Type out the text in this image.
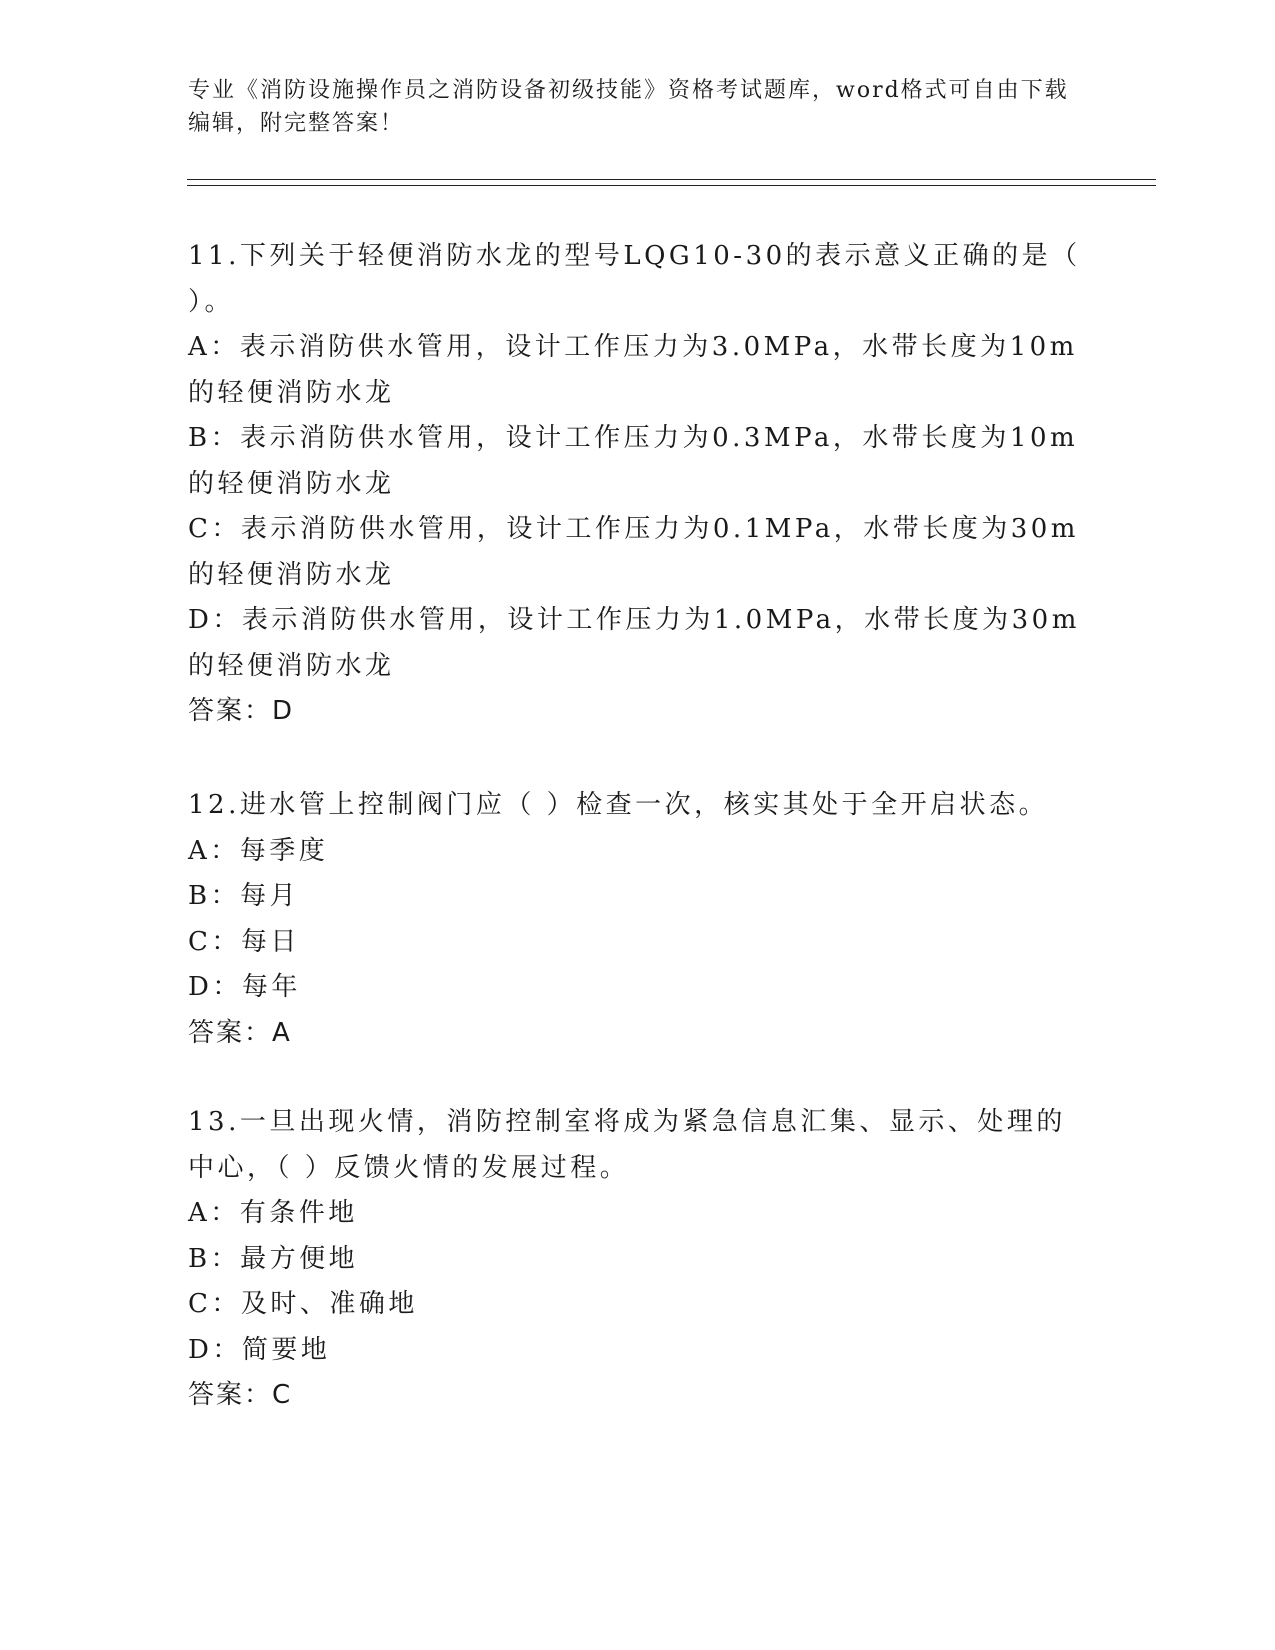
专业《消防设施操作员之消防设备初级技能》资格考试题库，word格式可自由下载编辑，附完整答案！

11.下列关于轻便消防水龙的型号LQG10-30的表示意义正确的是（ ）。

A：表示消防供水管用，设计工作压力为3.0MPa，水带长度为10m的轻便消防水龙

B：表示消防供水管用，设计工作压力为0.3MPa，水带长度为10m的轻便消防水龙

C：表示消防供水管用，设计工作压力为0.1MPa，水带长度为30m的轻便消防水龙

D：表示消防供水管用，设计工作压力为1.0MPa，水带长度为30m的轻便消防水龙

答案：D

12.进水管上控制阀门应（ ）检查一次，核实其处于全开启状态。

A：每季度

B：每月

C：每日

D：每年

答案：A

13.一旦出现火情，消防控制室将成为紧急信息汇集、显示、处理的中心，（ ）反馈火情的发展过程。

A：有条件地

B：最方便地

C：及时、准确地

D：简要地

答案：C
